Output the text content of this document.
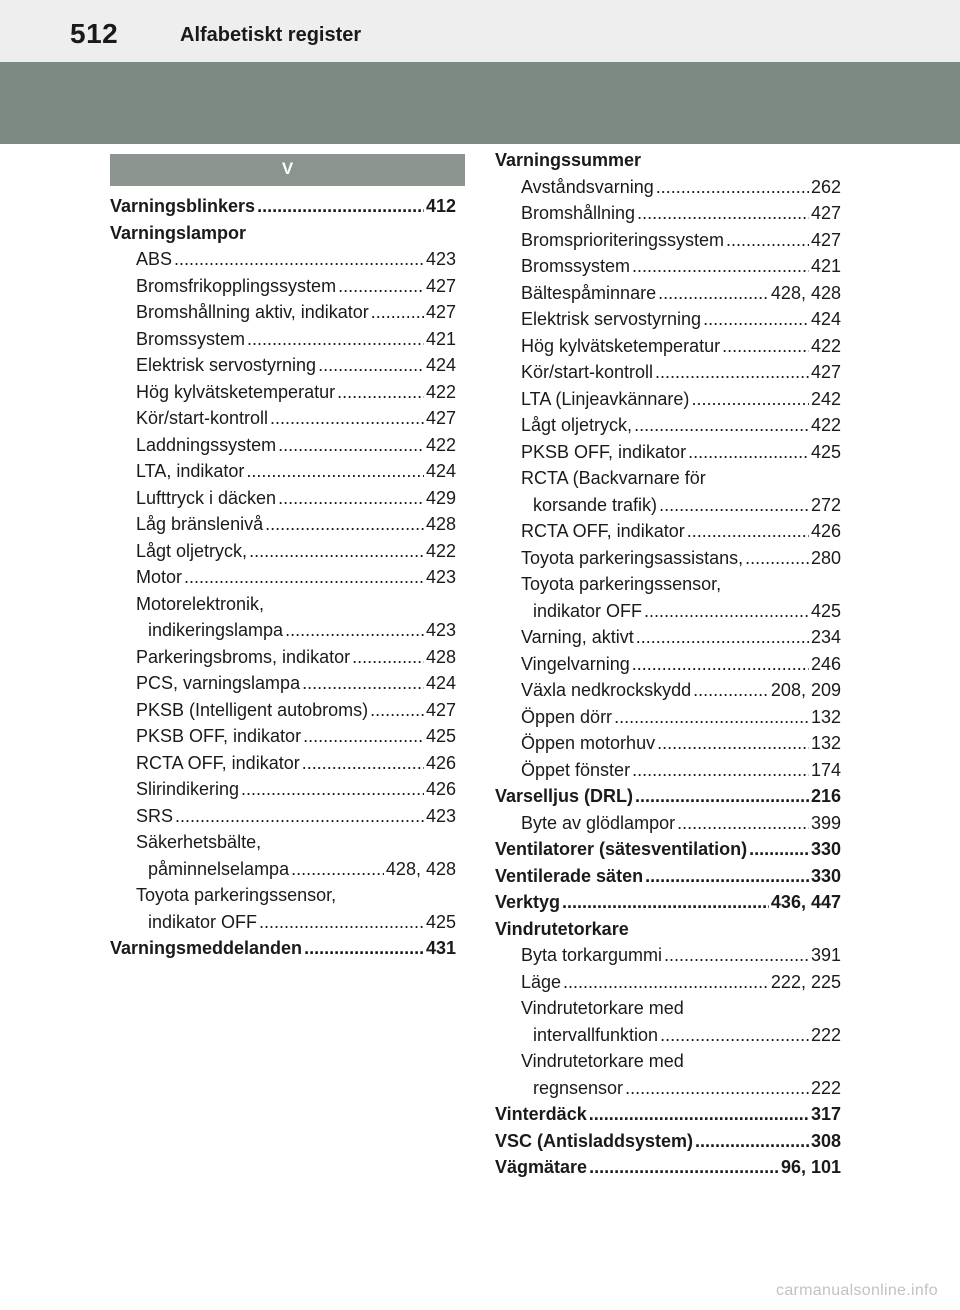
512	Alfabetiskt register
V
Varningsblinkers .....	412
Varningslampor
ABS .....	423
Bromsfrikopplingssystem .....	427
Bromshållning aktiv, indikator .....	427
Bromssystem .....	421
Elektrisk servostyrning .....	424
Hög kylvätsketemperatur .....	422
Kör/start-kontroll .....	427
Laddningssystem .....	422
LTA, indikator .....	424
Lufttryck i däcken .....	429
Låg bränslenivå .....	428
Lågt oljetryck, .....	422
Motor .....	423
Motorelektronik,
indikeringslampa .....	423
Parkeringsbroms, indikator .....	428
PCS, varningslampa .....	424
PKSB (Intelligent autobroms) .....	427
PKSB OFF, indikator .....	425
RCTA OFF, indikator .....	426
Slirindikering .....	426
SRS .....	423
Säkerhetsbälte,
påminnelselampa .....	428, 428
Toyota parkeringssensor,
indikator OFF .....	425
Varningsmeddelanden .....	431
Varningssummer
Avståndsvarning .....	262
Bromshållning .....	427
Bromsprioriteringssystem .....	427
Bromssystem .....	421
Bältespåminnare .....	428, 428
Elektrisk servostyrning .....	424
Hög kylvätsketemperatur .....	422
Kör/start-kontroll .....	427
LTA (Linjeavkännare) .....	242
Lågt oljetryck, .....	422
PKSB OFF, indikator .....	425
RCTA (Backvarnare för
korsande trafik) .....	272
RCTA OFF, indikator .....	426
Toyota parkeringsassistans, .....	280
Toyota parkeringssensor,
indikator OFF .....	425
Varning, aktivt .....	234
Vingelvarning .....	246
Växla nedkrockskydd .....	208, 209
Öppen dörr .....	132
Öppen motorhuv .....	132
Öppet fönster .....	174
Varselljus (DRL) .....	216
Byte av glödlampor .....	399
Ventilatorer (sätesventilation) .....	330
Ventilerade säten .....	330
Verktyg .....	436, 447
Vindrutetorkare
Byta torkargummi .....	391
Läge .....	222, 225
Vindrutetorkare med
intervallfunktion .....	222
Vindrutetorkare med
regnsensor .....	222
Vinterdäck .....	317
VSC (Antisladdsystem) .....	308
Vägmätare .....	96, 101
carmanualsonline.info
